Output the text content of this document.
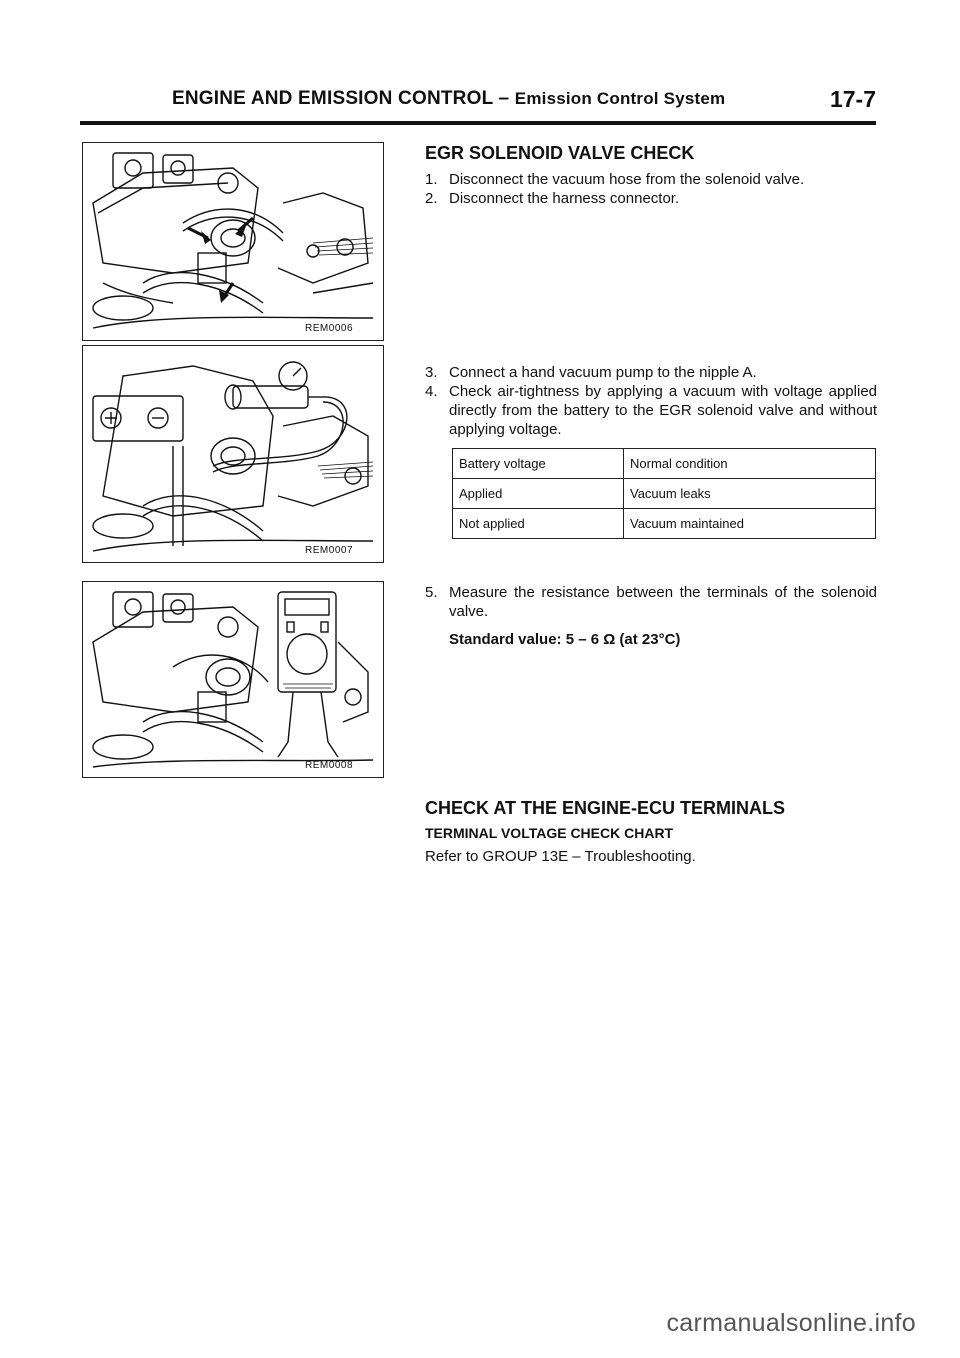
ENGINE AND EMISSION CONTROL – Emission Control System	17-7
REM0006
REM0007
REM0008
EGR SOLENOID VALVE CHECK
1. Disconnect the vacuum hose from the solenoid valve.
2. Disconnect the harness connector.
3. Connect a hand vacuum pump to the nipple A.
4. Check air-tightness by applying a vacuum with voltage applied directly from the battery to the EGR solenoid valve and without applying voltage.
Battery voltage	Normal condition
Applied	Vacuum leaks
Not applied	Vacuum maintained
5. Measure the resistance between the terminals of the solenoid valve.
Standard value: 5 – 6 Ω (at 23°C)
CHECK AT THE ENGINE-ECU TERMINALS
TERMINAL VOLTAGE CHECK CHART
Refer to GROUP 13E – Troubleshooting.
carmanualsonline.info
